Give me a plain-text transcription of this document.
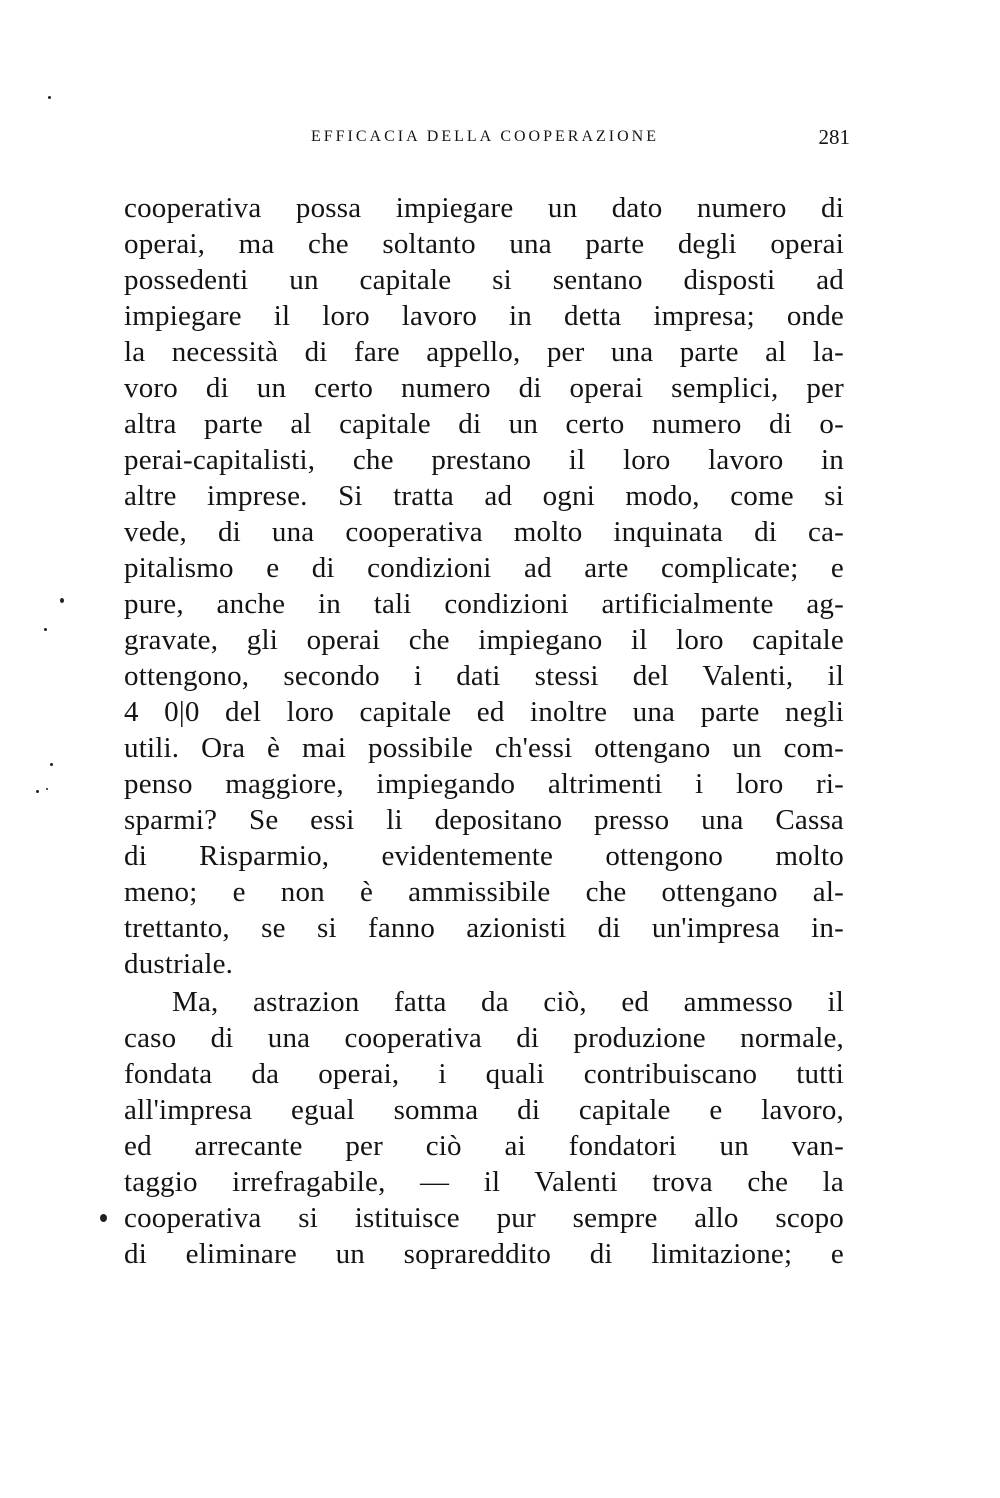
EFFICACIA DELLA COOPERAZIONE	281
cooperativa possa impiegare un dato numero di
operai, ma che soltanto una parte degli operai
possedenti un capitale si sentano disposti ad
impiegare il loro lavoro in detta impresa; onde
la necessità di fare appello, per una parte al la-
voro di un certo numero di operai semplici, per
altra parte al capitale di un certo numero di o-
perai-capitalisti, che prestano il loro lavoro in
altre imprese. Si tratta ad ogni modo, come si
vede, di una cooperativa molto inquinata di ca-
pitalismo e di condizioni ad arte complicate; e
pure, anche in tali condizioni artificialmente ag-
gravate, gli operai che impiegano il loro capitale
ottengono, secondo i dati stessi del Valenti, il
4 0|0 del loro capitale ed inoltre una parte negli
utili. Ora è mai possibile ch'essi ottengano un com-
penso maggiore, impiegando altrimenti i loro ri-
sparmi? Se essi li depositano presso una Cassa
di Risparmio, evidentemente ottengono molto
meno; e non è ammissibile che ottengano al-
trettanto, se si fanno azionisti di un'impresa in-
dustriale.
Ma, astrazion fatta da ciò, ed ammesso il
caso di una cooperativa di produzione normale,
fondata da operai, i quali contribuiscano tutti
all'impresa egual somma di capitale e lavoro,
ed arrecante per ciò ai fondatori un van-
taggio irrefragabile, — il Valenti trova che la
cooperativa si istituisce pur sempre allo scopo
di eliminare un soprareddito di limitazione; e
